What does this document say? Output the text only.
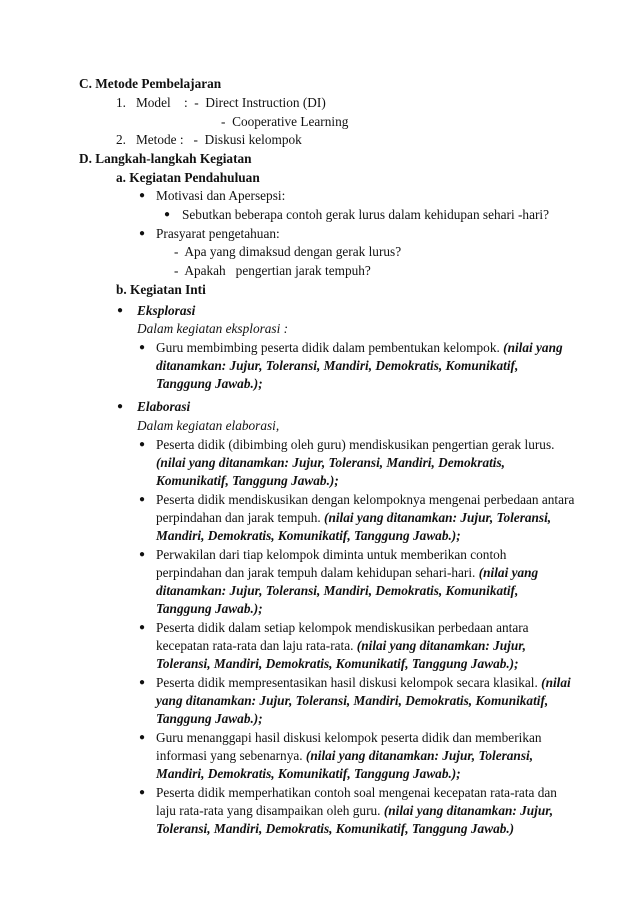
C. Metode Pembelajaran
1.   Model    :  -  Direct Instruction (DI)
-  Cooperative Learning
2.   Metode :   -  Diskusi kelompok
D. Langkah-langkah Kegiatan
a. Kegiatan Pendahuluan
● Motivasi dan Apersepsi:
● Sebutkan beberapa contoh gerak lurus dalam kehidupan sehari -hari?
● Prasyarat pengetahuan:
-  Apa yang dimaksud dengan gerak lurus?
-  Apakah   pengertian jarak tempuh?
b. Kegiatan Inti
● Eksplorasi
Dalam kegiatan eksplorasi :
● Guru membimbing peserta didik dalam pembentukan kelompok. (nilai yang
ditanamkan: Jujur, Toleransi, Mandiri, Demokratis, Komunikatif,
Tanggung Jawab.);
● Elaborasi
Dalam kegiatan elaborasi,
● Peserta didik (dibimbing oleh guru) mendiskusikan pengertian gerak lurus.
(nilai yang ditanamkan: Jujur, Toleransi, Mandiri, Demokratis,
Komunikatif, Tanggung Jawab.);
● Peserta didik mendiskusikan dengan kelompoknya mengenai perbedaan antara
perpindahan dan jarak tempuh. (nilai yang ditanamkan: Jujur, Toleransi,
Mandiri, Demokratis, Komunikatif, Tanggung Jawab.);
● Perwakilan dari tiap kelompok diminta untuk memberikan contoh
perpindahan dan jarak tempuh dalam kehidupan sehari-hari. (nilai yang
ditanamkan: Jujur, Toleransi, Mandiri, Demokratis, Komunikatif,
Tanggung Jawab.);
● Peserta didik dalam setiap kelompok mendiskusikan perbedaan antara
kecepatan rata-rata dan laju rata-rata. (nilai yang ditanamkan: Jujur,
Toleransi, Mandiri, Demokratis, Komunikatif, Tanggung Jawab.);
● Peserta didik mempresentasikan hasil diskusi kelompok secara klasikal. (nilai
yang ditanamkan: Jujur, Toleransi, Mandiri, Demokratis, Komunikatif,
Tanggung Jawab.);
● Guru menanggapi hasil diskusi kelompok peserta didik dan memberikan
informasi yang sebenarnya. (nilai yang ditanamkan: Jujur, Toleransi,
Mandiri, Demokratis, Komunikatif, Tanggung Jawab.);
● Peserta didik memperhatikan contoh soal mengenai kecepatan rata-rata dan
laju rata-rata yang disampaikan oleh guru. (nilai yang ditanamkan: Jujur,
Toleransi, Mandiri, Demokratis, Komunikatif, Tanggung Jawab.)
